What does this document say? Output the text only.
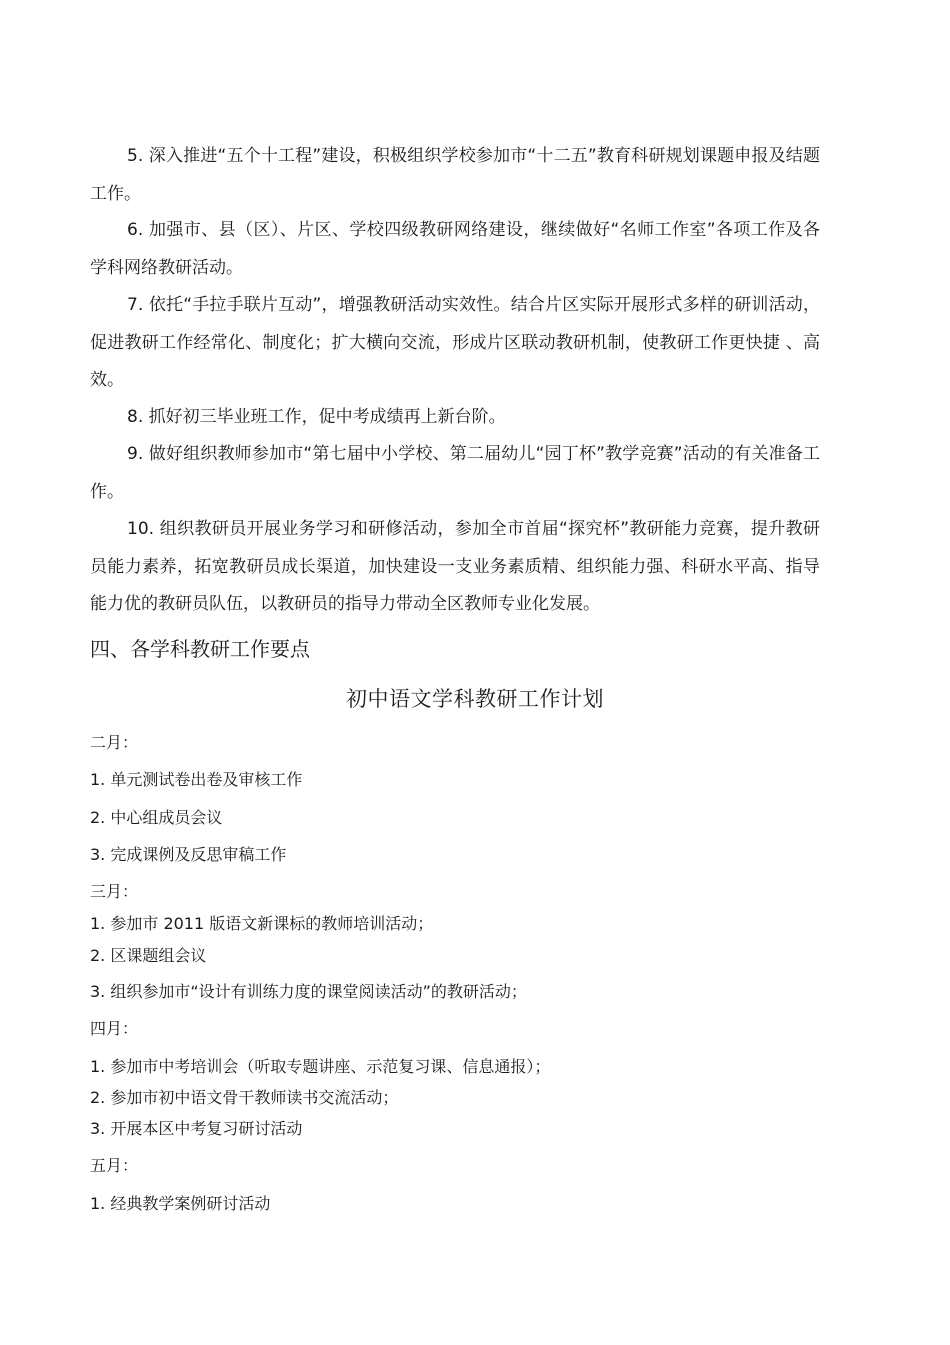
5. 深入推进“五个十工程”建设，积极组织学校参加市“十二五”教育科研规划课题申报及结题工作。

6. 加强市、县（区）、片区、学校四级教研网络建设，继续做好“名师工作室”各项工作及各学科网络教研活动。

7. 依托“手拉手联片互动”，增强教研活动实效性。结合片区实际开展形式多样的研训活动，促进教研工作经常化、制度化；扩大横向交流，形成片区联动教研机制，使教研工作更快捷 、高效。

8. 抓好初三毕业班工作，促中考成绩再上新台阶。

9. 做好组织教师参加市“第七届中小学校、第二届幼儿“园丁杯”教学竞赛”活动的有关准备工作。

10. 组织教研员开展业务学习和研修活动，参加全市首届“探究杯”教研能力竞赛，提升教研员能力素养，拓宽教研员成长渠道，加快建设一支业务素质精、组织能力强、科研水平高、指导能力优的教研员队伍，以教研员的指导力带动全区教师专业化发展。

四、各学科教研工作要点
初中语文学科教研工作计划

二月：

1. 单元测试卷出卷及审核工作

2. 中心组成员会议

3. 完成课例及反思审稿工作

三月：

1. 参加市 2011 版语文新课标的教师培训活动；

2. 区课题组会议

3. 组织参加市“设计有训练力度的课堂阅读活动”的教研活动；

四月：

1. 参加市中考培训会（听取专题讲座、示范复习课、信息通报）；

2. 参加市初中语文骨干教师读书交流活动；

3. 开展本区中考复习研讨活动

五月：

1. 经典教学案例研讨活动
